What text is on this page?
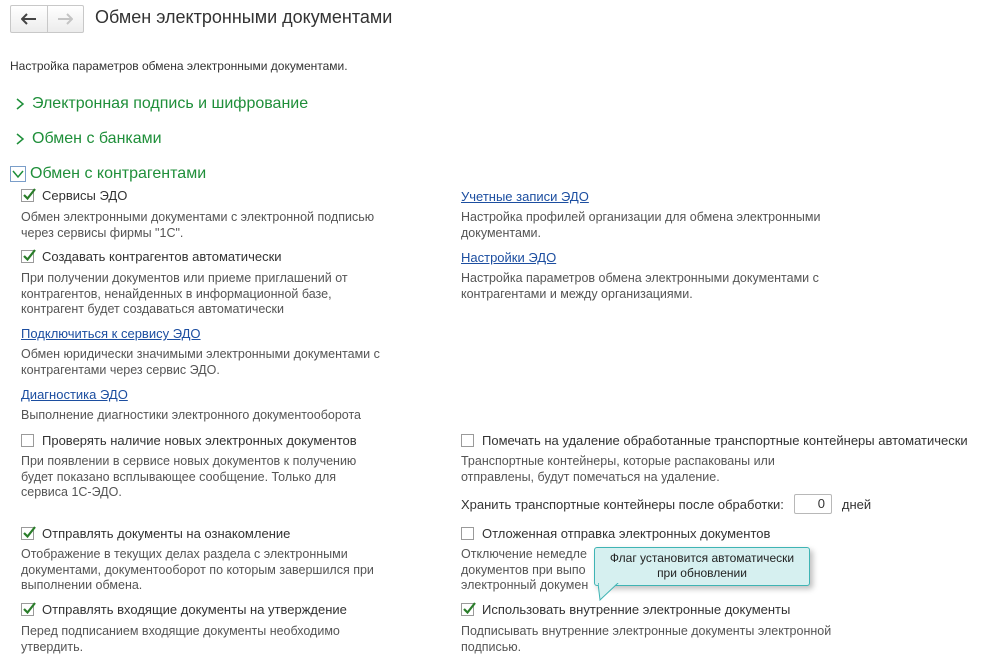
Обмен электронными документами
Настройка параметров обмена электронными документами.
Электронная подпись и шифрование
Обмен с банками
Обмен с контрагентами
Сервисы ЭДО
Обмен электронными документами с электронной подписью
через сервисы фирмы "1С".
Создавать контрагентов автоматически
При получении документов или приеме приглашений от
контрагентов, ненайденных в информационной базе,
контрагент будет создаваться автоматически
Подключиться к сервису ЭДО
Обмен юридически значимыми электронными документами с
контрагентами через сервис ЭДО.
Диагностика ЭДО
Выполнение диагностики электронного документооборота
Проверять наличие новых электронных документов
При появлении в сервисе новых документов к получению
будет показано всплывающее сообщение. Только для
сервиса 1С-ЭДО.
Отправлять документы на ознакомление
Отображение в текущих делах раздела с электронными
документами, документооборот по которым завершился при
выполнении обмена.
Отправлять входящие документы на утверждение
Перед подписанием входящие документы необходимо
утвердить.
Учетные записи ЭДО
Настройка профилей организации для обмена электронными
документами.
Настройки ЭДО
Настройка параметров обмена электронными документами с
контрагентами и между организациями.
Помечать на удаление обработанные транспортные контейнеры автоматически
Транспортные контейнеры, которые распакованы или
отправлены, будут помечаться на удаление.
Хранить транспортные контейнеры после обработки:	0	дней
Отложенная отправка электронных документов
Отключение немедле
документов при выпо
электронный докумен
Использовать внутренние электронные документы
Подписывать внутренние электронные документы электронной
подписью.
Флаг установится автоматически
при обновлении
